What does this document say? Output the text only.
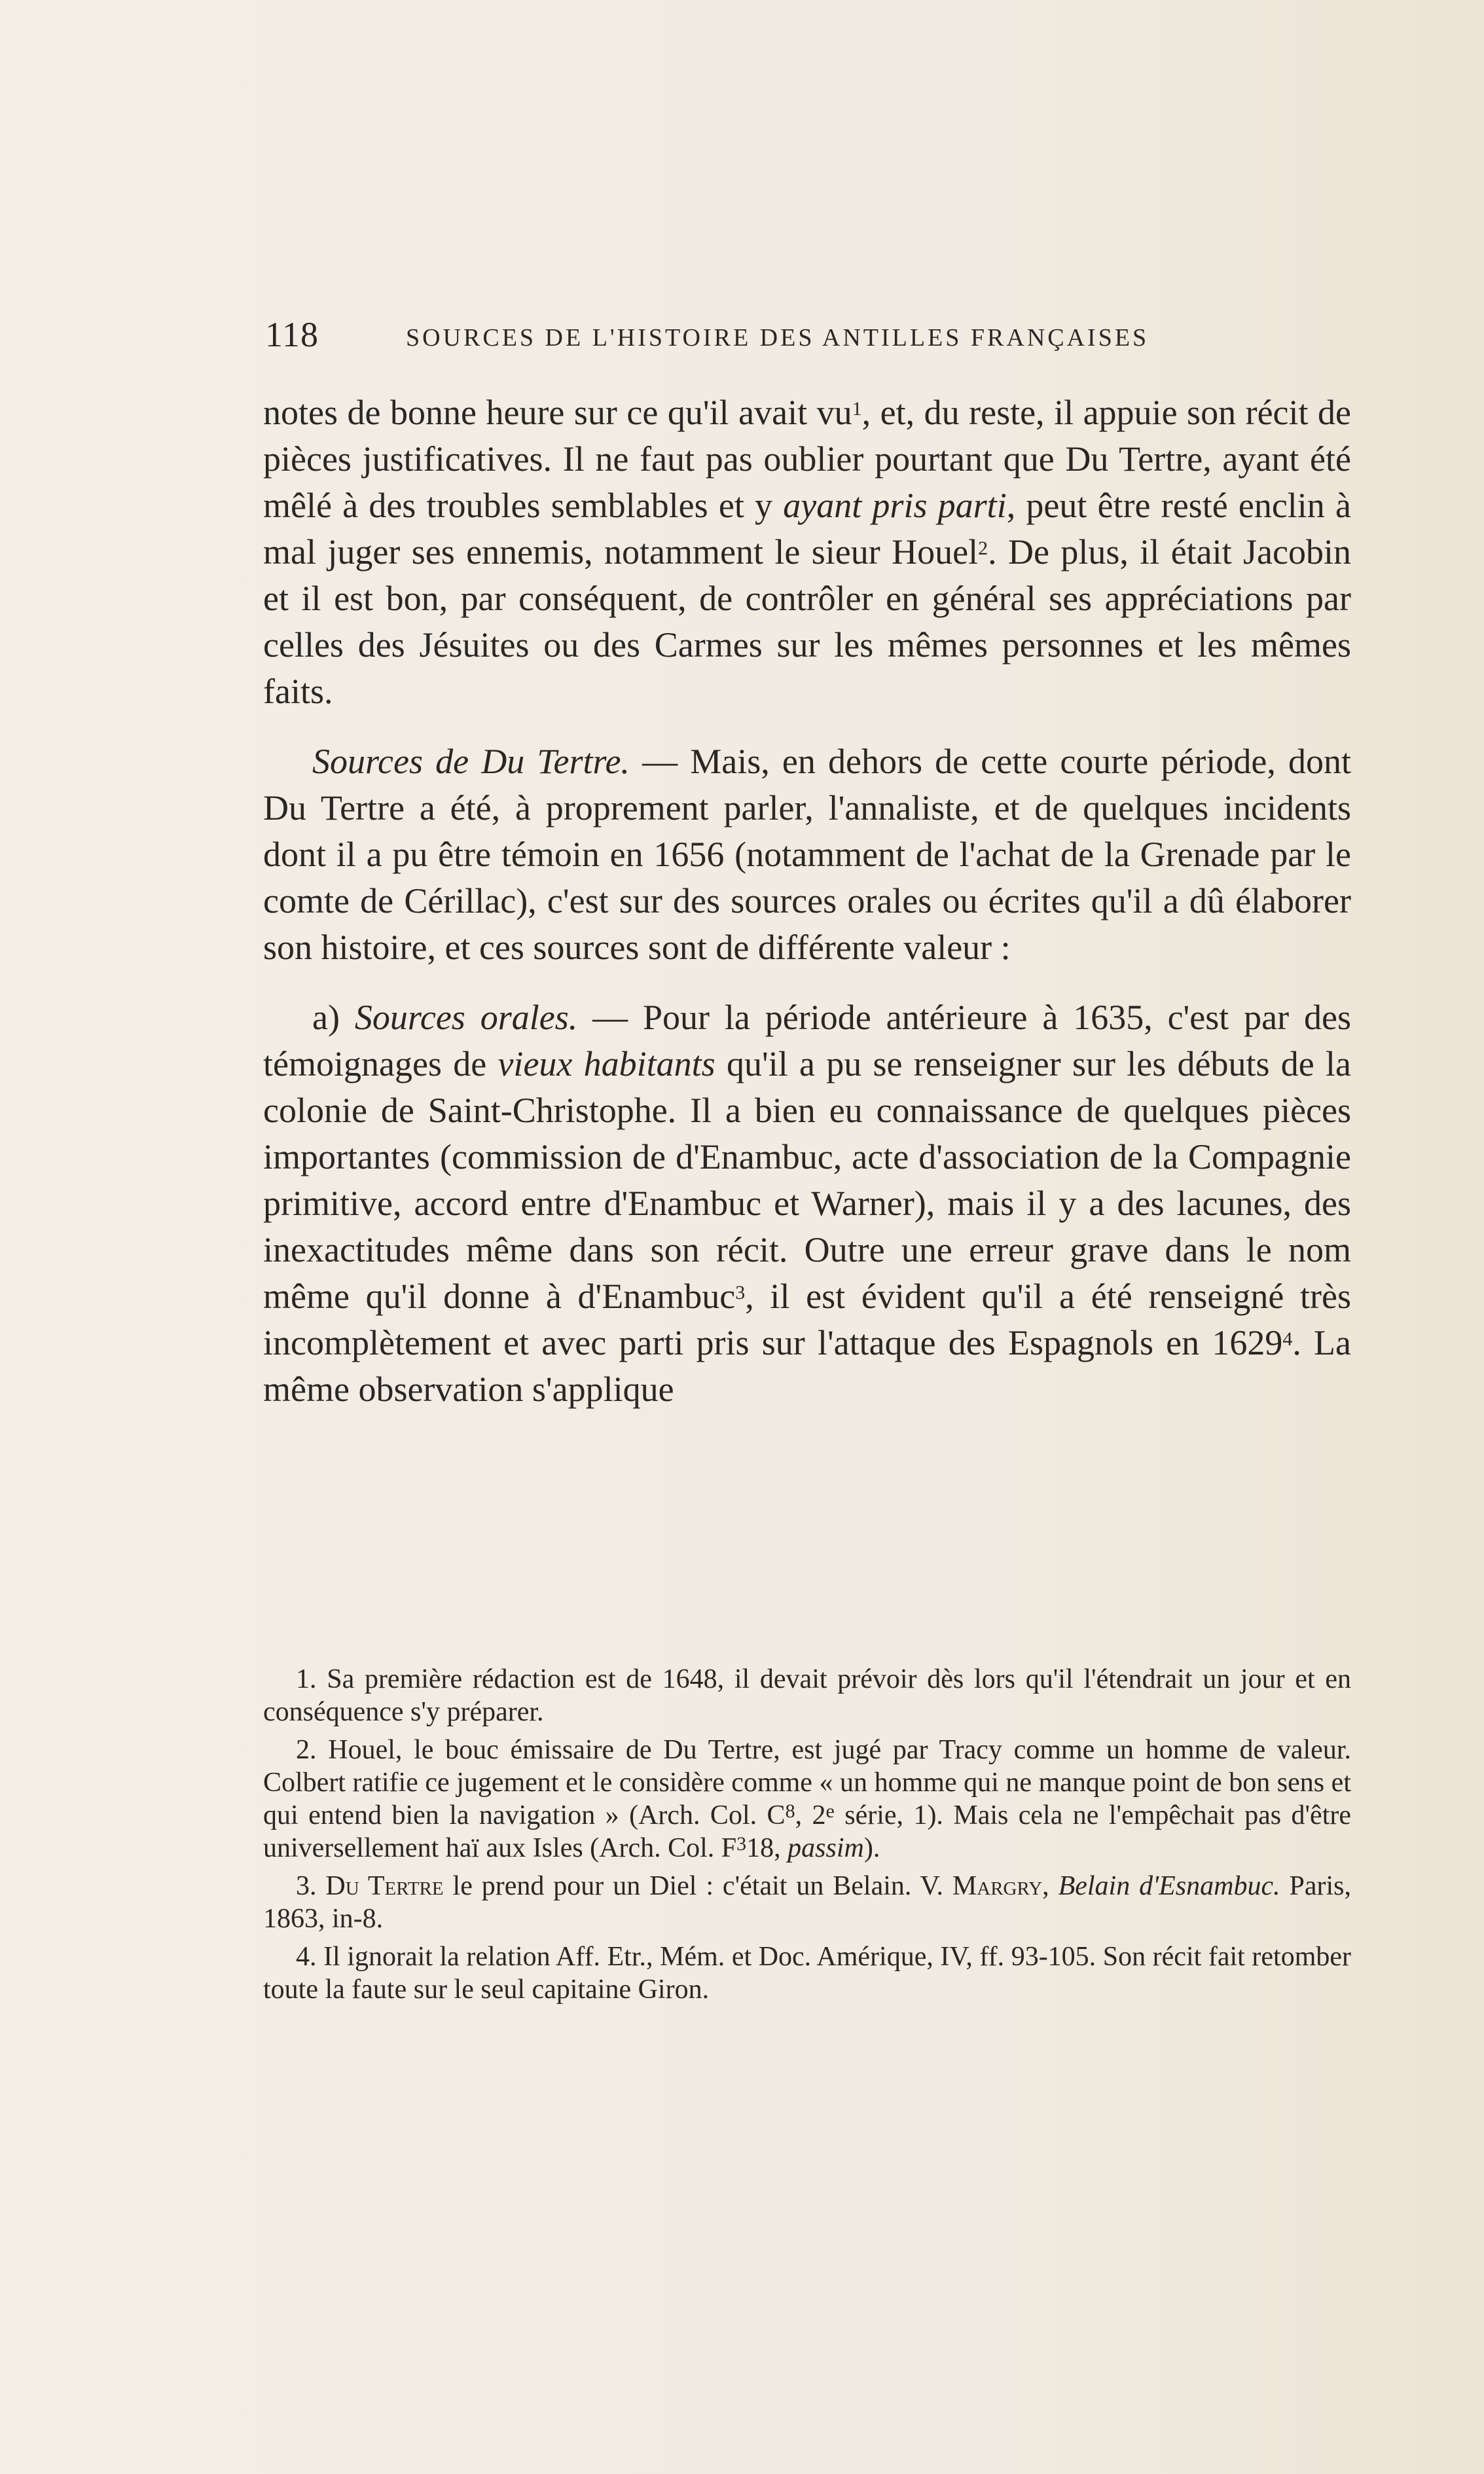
118	SOURCES DE L'HISTOIRE DES ANTILLES FRANÇAISES

notes de bonne heure sur ce qu'il avait $vu^1$, et, du reste, il appuie son récit de pièces justificatives. Il ne faut pas oublier pourtant que Du Tertre, ayant été mêlé à des troubles semblables et y ayant pris parti, peut être resté enclin à mal juger ses ennemis, notamment le sieur Houel$^2$. De plus, il était Jacobin et il est bon, par conséquent, de contrôler en général ses appréciations par celles des Jésuites ou des Carmes sur les mêmes personnes et les mêmes faits.

Sources de Du Tertre. — Mais, en dehors de cette courte période, dont Du Tertre a été, à proprement parler, l'annaliste, et de quelques incidents dont il a pu être témoin en 1656 (notamment de l'achat de la Grenade par le comte de Cérillac), c'est sur des sources orales ou écrites qu'il a dû élaborer son histoire, et ces sources sont de différente valeur :

a) Sources orales. — Pour la période antérieure à 1635, c'est par des témoignages de vieux habitants qu'il a pu se renseigner sur les débuts de la colonie de Saint-Christophe. Il a bien eu connaissance de quelques pièces importantes (commission de d'Enambuc, acte d'association de la Compagnie primitive, accord entre d'Enambuc et Warner), mais il y a des lacunes, des inexactitudes même dans son récit. Outre une erreur grave dans le nom même qu'il donne à d'Enambuc$^3$, il est évident qu'il a été renseigné très incomplètement et avec parti pris sur l'attaque des Espagnols en 1629$^4$. La même observation s'applique

1. Sa première rédaction est de 1648, il devait prévoir dès lors qu'il l'étendrait un jour et en conséquence s'y préparer.

2. Houel, le bouc émissaire de Du Tertre, est jugé par Tracy comme un homme de valeur. Colbert ratifie ce jugement et le considère comme « un homme qui ne manque point de bon sens et qui entend bien la navigation » (Arch. Col. $C^8$, 2e série, 1). Mais cela ne l'empêchait pas d'être universellement haï aux Isles (Arch. Col. $F^318$, passim).

3. Du Tertre le prend pour un Diel : c'était un Belain. V. Margry, Belain d'Esnambuc. Paris, 1863, in-8.

4. Il ignorait la relation Aff. Etr., Mém. et Doc. Amérique, IV, ff. 93-105. Son récit fait retomber toute la faute sur le seul capitaine Giron.
